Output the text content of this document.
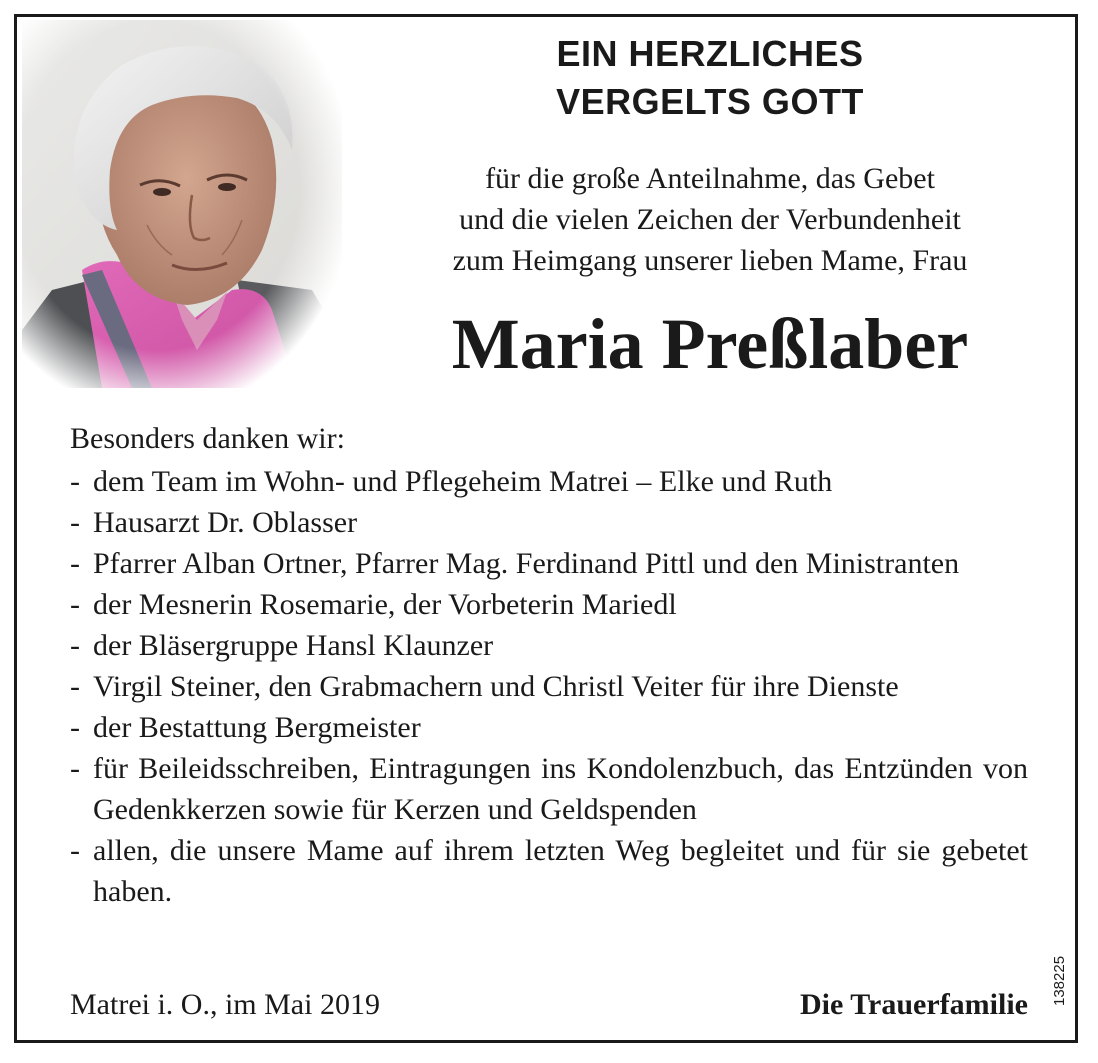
EIN HERZLICHES
VERGELTS GOTT
für die große Anteilnahme, das Gebet
und die vielen Zeichen der Verbundenheit
zum Heimgang unserer lieben Mame, Frau
Maria Preßlaber
Besonders danken wir:
- dem Team im Wohn- und Pflegeheim Matrei – Elke und Ruth
- Hausarzt Dr. Oblasser
- Pfarrer Alban Ortner, Pfarrer Mag. Ferdinand Pittl und den Ministranten
- der Mesnerin Rosemarie, der Vorbeterin Mariedl
- der Bläsergruppe Hansl Klaunzer
- Virgil Steiner, den Grabmachern und Christl Veiter für ihre Dienste
- der Bestattung Bergmeister
- für Beileidsschreiben, Eintragungen ins Kondolenzbuch, das Entzünden von Gedenkkerzen sowie für Kerzen und Geldspenden
- allen, die unsere Mame auf ihrem letzten Weg begleitet und für sie gebetet haben.
Matrei i. O., im Mai 2019	Die Trauerfamilie 138225
